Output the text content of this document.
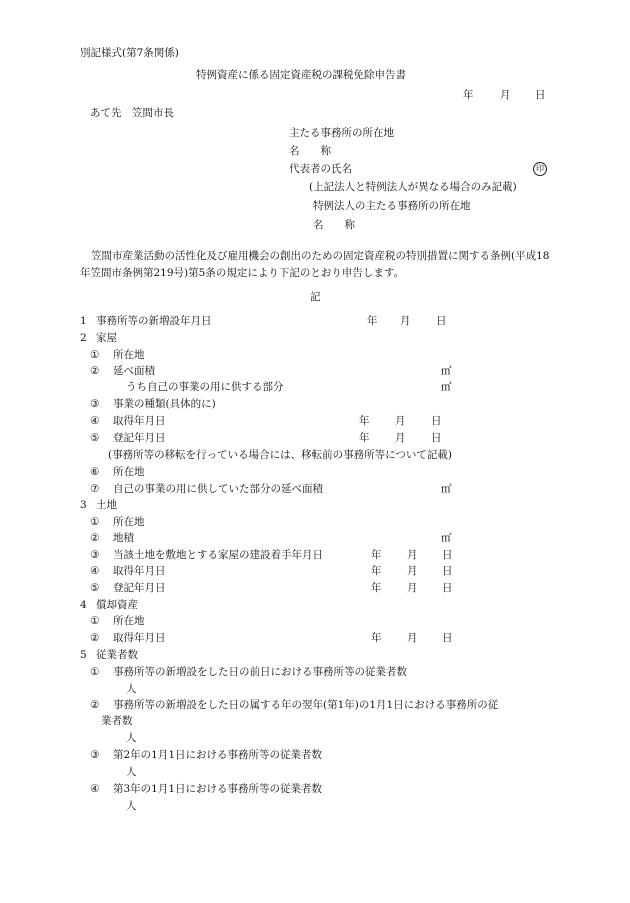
別記様式(第7条関係)
特例資産に係る固定資産税の課税免除申告書
年	月 日
あて先　笠間市長
主たる事務所の所在地
名　　称
代表者の氏名	印
(上記法人と特例法人が異なる場合のみ記載)
特例法人の主たる事務所の所在地
名　　称

笠間市産業活動の活性化及び雇用機会の創出のための固定資産税の特別措置に関する条例(平成18年笠間市条例第219号)第5条の規定により下記のとおり申告します。

記
1 事務所等の新増設年月日	年 月 日
2 家屋
① 所在地
② 延べ面積	㎡
うち自己の事業の用に供する部分	㎡
③ 事業の種類(具体的に)
④ 取得年月日	年 月 日
⑤ 登記年月日	年 月 日
(事務所等の移転を行っている場合には、移転前の事務所等について記載)
⑥ 所在地
⑦ 自己の事業の用に供していた部分の延べ面積	㎡
3 土地
① 所在地
② 地積	㎡
③ 当該土地を敷地とする家屋の建設着手年月日	年 月 日
④ 取得年月日	年 月 日
⑤ 登記年月日	年 月 日
4 償却資産
① 所在地
② 取得年月日	年 月 日
5 従業者数
① 事務所等の新増設をした日の前日における事務所等の従業者数
人
② 事務所等の新増設をした日の属する年の翌年(第1年)の1月1日における事務所の従
業者数
人
③ 第2年の1月1日における事務所等の従業者数
人
④ 第3年の1月1日における事務所等の従業者数
人
